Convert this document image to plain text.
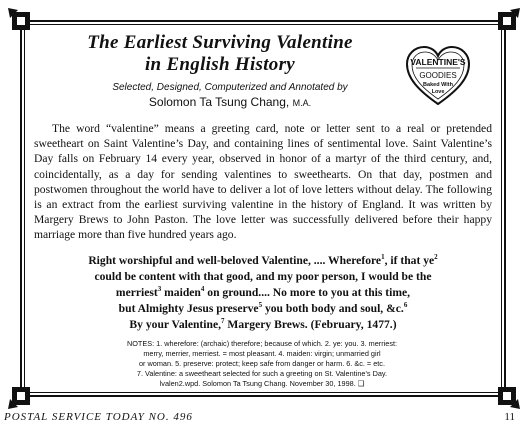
The Earliest Surviving Valentine
in English History
Selected, Designed, Computerized and Annotated by
Solomon Ta Tsung Chang, M.A.
VALENTINE'S
GOODIES
Baked With
Love
The word “valentine” means a greeting card, note or letter sent to a real or pretended sweetheart on Saint Valentine’s Day, and containing lines of sentimental love. Saint Valentine’s Day falls on February 14 every year, observed in honor of a martyr of the third century, and, coincidentally, as a day for sending valentines to sweethearts. On that day, postmen and postwomen throughout the world have to deliver a lot of love letters without delay. The following is an extract from the earliest surviving valentine in the history of England. It was written by Margery Brews to John Paston. The love letter was successfully delivered before their happy marriage more than five hundred years ago.
Right worshipful and well-beloved Valentine, .... Wherefore$^1$, if that $ye^2$
could be content with that good, and my poor person, I would be the
merriest$^3$ maiden$^4$ on ground.... No more to you at this time,
but Almighty Jesus preserve$^5$ you both body and soul, &c.$^6$
By your Valentine,$^7$ Margery Brews. (February, 1477.)
NOTES: 1. wherefore: (archaic) therefore; because of which. 2. ye: you. 3. merriest:
merry, merrier, merriest. = most pleasant. 4. maiden: virgin; unmarried girl
or woman. 5. preserve: protect; keep safe from danger or harm. 6. &c. = etc.
7. Valentine: a sweetheart selected for such a greeting on St. Valentine’s Day.
lvalen2.wpd. Solomon Ta Tsung Chang. November 30, 1998. ❑
POSTAL SERVICE TODAY NO. 496	11
